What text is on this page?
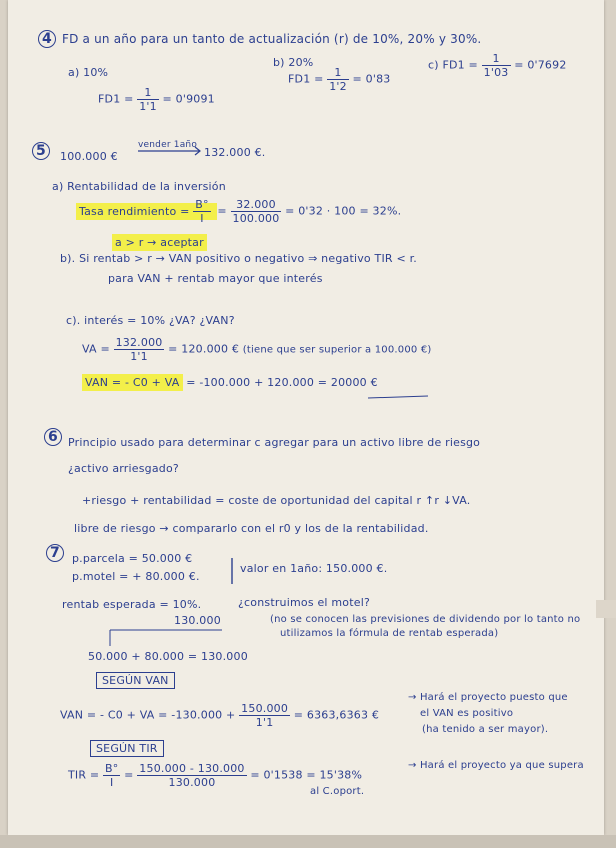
4 FD a un año para un tanto de actualización (r) de 10%, 20% y 30%.
a) 10%
$FD1 = \frac{1}{1'1} = 0'9091$
b) 20%
$FD1 = \frac{1}{1'2} = 0'83$
c) $FD1 = \frac{1}{1'03} = 0'7692$
5	100.000 €
vender 1año
132.000 €.
a) Rentabilidad de la inversión
Tasa rendimiento = $\frac{B^\circ}{I} = \frac{32.000}{100.000} = 0'32 \cdot 100 = 32\%$.
a > r → aceptar
b). Si rentab > r → VAN positivo o negativo ⇒ negativo TIR < r.
para VAN + rentab mayor que interés
c). interés = 10% ¿VA? ¿VAN?
VA = $\frac{132.000}{1'1} = 120.000$ € (tiene que ser superior a 100.000 €)
VAN = - C0 + VA = -100.000 + 120.000 = 20000 €
6 Principio usado para determinar c agregar para un activo libre de riesgo
¿activo arriesgado?
+riesgo + rentabilidad = coste de oportunidad del capital r ↑r ↓VA.
libre de riesgo → compararlo con el r0 y los de la rentabilidad.
7	p.parcela = 50.000 €
p.motel = + 80.000 €.
valor en 1año: 150.000 €.
rentab esperada = 10%.	¿construimos el motel?
130.000	(no se conocen las previsiones de dividendo por lo tanto no
utilizamos la fórmula de rentab esperada)
50.000 + 80.000 = 130.000
SEGÚN VAN
VAN = - C0 + VA = $-130.000 + \frac{150.000}{1'1} = 6363,6363$ €
→ Hará el proyecto puesto que
el VAN es positivo
(ha tenido a ser mayor).
SEGÚN TIR
TIR = $\frac{B^\circ}{I} = \frac{150.000 - 130.000}{130.000} = 0'1538 = 15'38\%$
→ Hará el proyecto ya que supera
al C.oport.
